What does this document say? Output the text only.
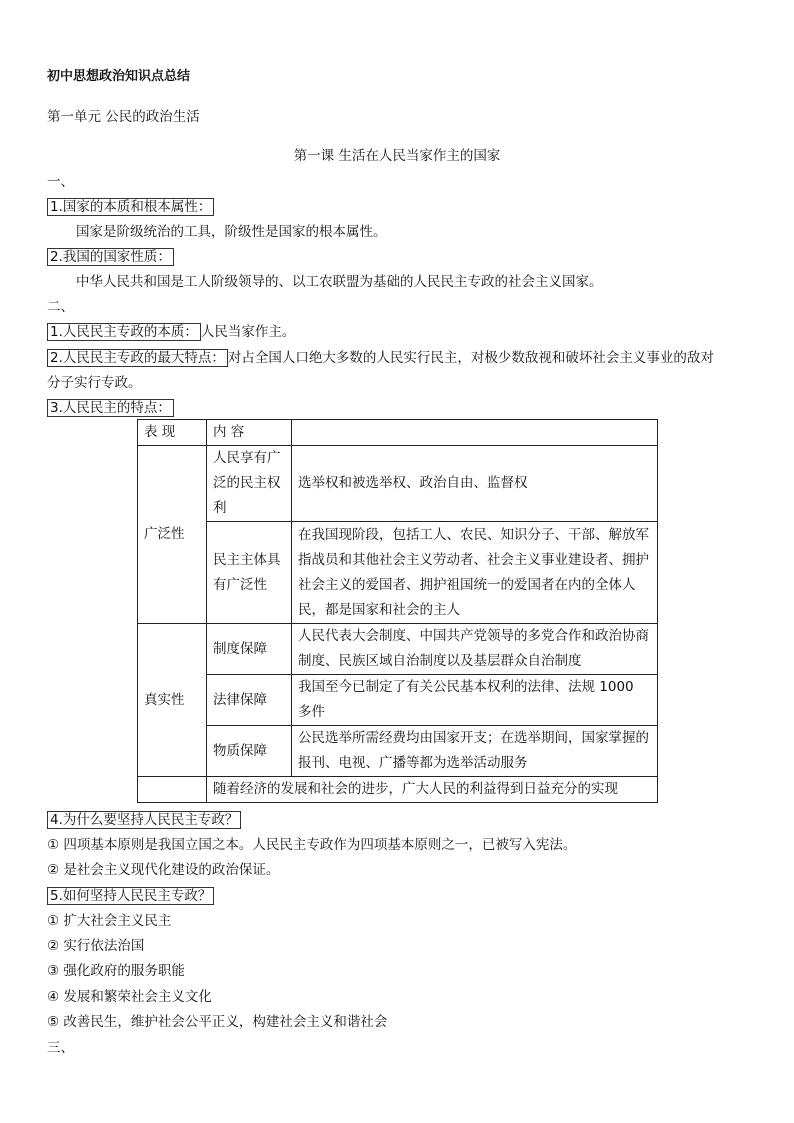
初中思想政治知识点总结
第一单元 公民的政治生活
第一课 生活在人民当家作主的国家
一、
1.国家的本质和根本属性：
国家是阶级统治的工具，阶级性是国家的根本属性。
2.我国的国家性质：
中华人民共和国是工人阶级领导的、以工农联盟为基础的人民民主专政的社会主义国家。
二、
1.人民民主专政的本质： 人民当家作主。
2.人民民主专政的最大特点： 对占全国人口绝大多数的人民实行民主，对极少数敌视和破坏社会主义事业的敌对
分子实行专政。
3.人民民主的特点：
表 现	内 容	
广泛性	人民享有广泛的民主权利	选举权和被选举权、政治自由、监督权
	民主主体具有广泛性	在我国现阶段，包括工人、农民、知识分子、干部、解放军指战员和其他社会主义劳动者、社会主义事业建设者、拥护社会主义的爱国者、拥护祖国统一的爱国者在内的全体人民，都是国家和社会的主人
真实性	制度保障	人民代表大会制度、中国共产党领导的多党合作和政治协商制度、民族区域自治制度以及基层群众自治制度
	法律保障	我国至今已制定了有关公民基本权利的法律、法规 1000 多件
	物质保障	公民选举所需经费均由国家开支；在选举期间，国家掌握的报刊、电视、广播等都为选举活动服务
	随着经济的发展和社会的进步，广大人民的利益得到日益充分的实现	
4.为什么要坚持人民民主专政？
① 四项基本原则是我国立国之本。人民民主专政作为四项基本原则之一，已被写入宪法。
② 是社会主义现代化建设的政治保证。
5.如何坚持人民民主专政？
① 扩大社会主义民主
② 实行依法治国
③ 强化政府的服务职能
④ 发展和繁荣社会主义文化
⑤ 改善民生，维护社会公平正义，构建社会主义和谐社会
三、
